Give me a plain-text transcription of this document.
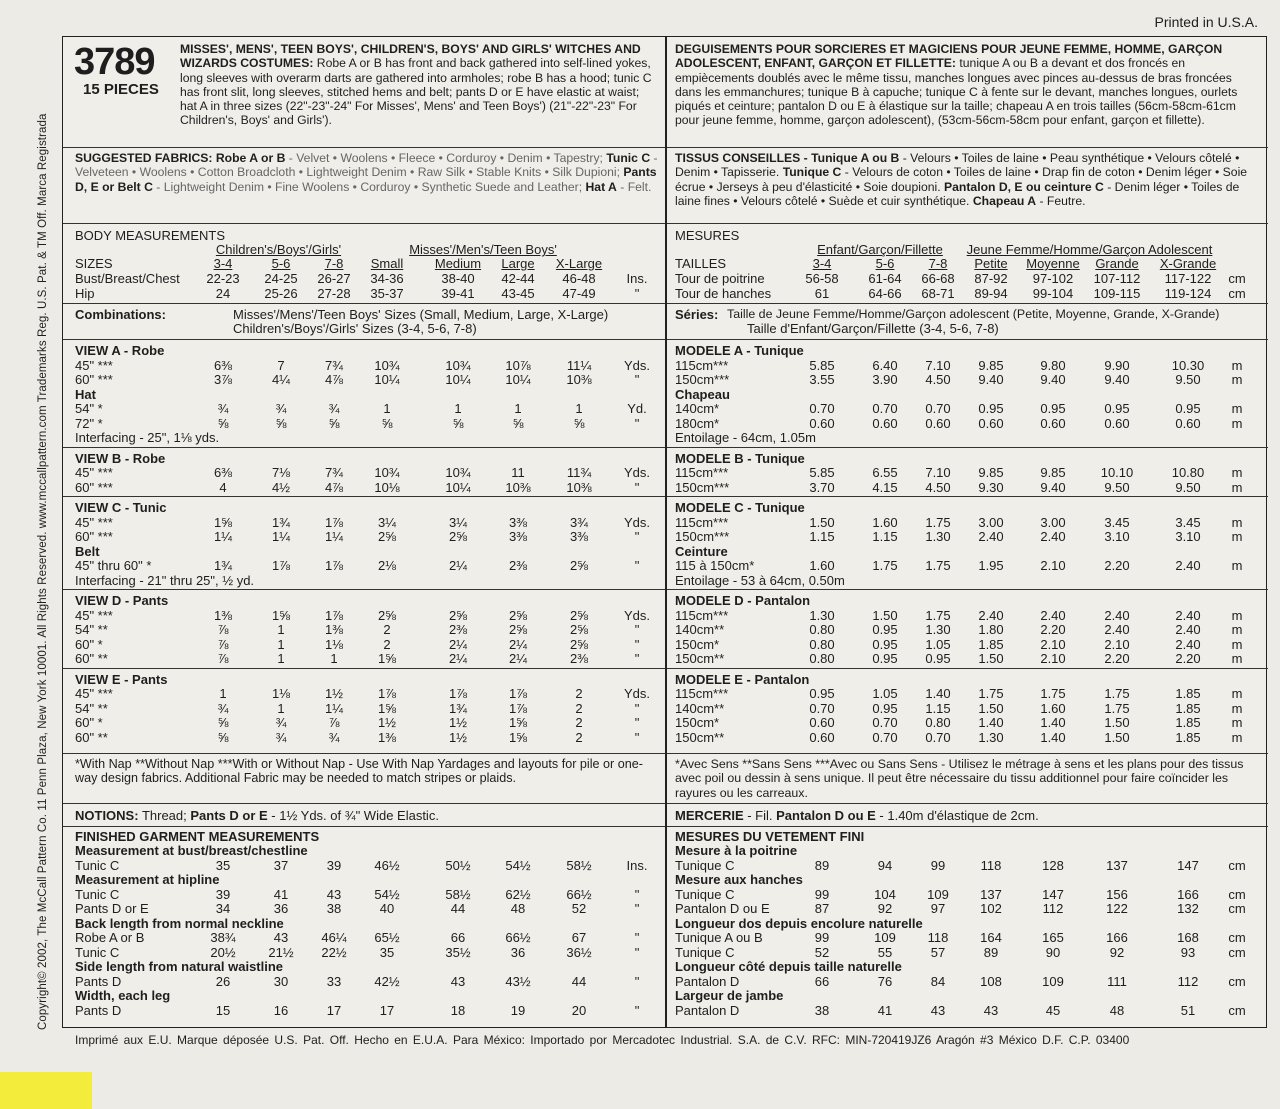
Printed in U.S.A.
Copyright© 2002, The McCall Pattern Co. 11 Penn Plaza, New York 10001. All Rights Reserved. www.mccallpattern.com Trademarks Reg. U.S. Pat. & TM Off. Marca Registrada
3789
15 PIECES
MISSES', MENS', TEEN BOYS', CHILDREN'S, BOYS' AND GIRLS' WITCHES AND WIZARDS COSTUMES: Robe A or B has front and back gathered into self-lined yokes, long sleeves with overarm darts are gathered into armholes; robe B has a hood; tunic C has front slit, long sleeves, stitched hems and belt; pants D or E have elastic at waist; hat A in three sizes (22"-23"-24" For Misses', Mens' and Teen Boys') (21"-22"-23" For Children's, Boys' and Girls').
SUGGESTED FABRICS: Robe A or B - Velvet • Woolens • Fleece • Corduroy • Denim • Tapestry; Tunic C - Velveteen • Woolens • Cotton Broadcloth • Lightweight Denim • Raw Silk • Stable Knits • Silk Dupioni; Pants D, E or Belt C - Lightweight Denim • Fine Woolens • Corduroy • Synthetic Suede and Leather; Hat A - Felt.
BODY MEASUREMENTS
Children's/Boys'/Girls'	Misses'/Men's/Teen Boys'
SIZES	3-4	5-6	7-8	Small	Medium	Large	X-Large
Bust/Breast/Chest	22-23	24-25	26-27	34-36	38-40	42-44	46-48	Ins.
Hip	24	25-26	27-28	35-37	39-41	43-45	47-49	"
Combinations:	Misses'/Mens'/Teen Boys' Sizes (Small, Medium, Large, X-Large)
Children's/Boys'/Girls' Sizes (3-4, 5-6, 7-8)
VIEW A - Robe
45" ***	6⅜	7	7¾	10¾	10¾	10⅞	11¼	Yds.
60" ***	3⅞	4¼	4⅞	10¼	10¼	10¼	10⅜	"
Hat
54" *	¾	¾	¾	1	1	1	1	Yd.
72" *	⅝	⅝	⅝	⅝	⅝	⅝	⅝	"
Interfacing - 25", 1⅛ yds.
VIEW B - Robe
45" ***	6⅜	7⅛	7¾	10¾	10¾	11	11¾	Yds.
60" ***	4	4½	4⅞	10⅛	10¼	10⅜	10⅜	"
VIEW C - Tunic
45" ***	1⅝	1¾	1⅞	3¼	3¼	3⅜	3¾	Yds.
60" ***	1¼	1¼	1¼	2⅝	2⅝	3⅜	3⅜	"
Belt
45" thru 60" *	1¾	1⅞	1⅞	2⅛	2¼	2⅜	2⅝	"
Interfacing - 21" thru 25", ½ yd.
VIEW D - Pants
45" ***	1⅜	1⅝	1⅞	2⅝	2⅝	2⅝	2⅝	Yds.
54" **	⅞	1	1⅜	2	2⅜	2⅝	2⅝	"
60" *	⅞	1	1⅛	2	2¼	2¼	2⅝	"
60" **	⅞	1	1	1⅝	2¼	2¼	2⅜	"
VIEW E - Pants
45" ***	1	1⅛	1½	1⅞	1⅞	1⅞	2	Yds.
54" **	¾	1	1¼	1⅝	1¾	1⅞	2	"
60" *	⅝	¾	⅞	1½	1½	1⅝	2	"
60" **	⅝	¾	¾	1⅜	1½	1⅝	2	"
*With Nap **Without Nap ***With or Without Nap - Use With Nap Yardages and layouts for pile or one-way design fabrics. Additional Fabric may be needed to match stripes or plaids.
NOTIONS: Thread; Pants D or E - 1½ Yds. of ¾" Wide Elastic.
FINISHED GARMENT MEASUREMENTS
Measurement at bust/breast/chestline
Tunic C	35	37	39	46½	50½	54½	58½	Ins.
Measurement at hipline
Tunic C	39	41	43	54½	58½	62½	66½	"
Pants D or E	34	36	38	40	44	48	52	"
Back length from normal neckline
Robe A or B	38¾	43	46¼	65½	66	66½	67	"
Tunic C	20½	21½	22½	35	35½	36	36½	"
Side length from natural waistline
Pants D	26	30	33	42½	43	43½	44	"
Width, each leg
Pants D	15	16	17	17	18	19	20	"
DEGUISEMENTS POUR SORCIERES ET MAGICIENS POUR JEUNE FEMME, HOMME, GARÇON ADOLESCENT, ENFANT, GARÇON ET FILLETTE: tunique A ou B a devant et dos froncés en empiècements doublés avec le même tissu, manches longues avec pinces au-dessus de bras froncées dans les emmanchures; tunique B à capuche; tunique C à fente sur le devant, manches longues, ourlets piqués et ceinture; pantalon D ou E à élastique sur la taille; chapeau A en trois tailles (56cm-58cm-61cm pour jeune femme, homme, garçon adolescent), (53cm-56cm-58cm pour enfant, garçon et fillette).
TISSUS CONSEILLES - Tunique A ou B - Velours • Toiles de laine • Peau synthétique • Velours côtelé • Denim • Tapisserie. Tunique C - Velours de coton • Toiles de laine • Drap fin de coton • Denim léger • Soie écrue • Jerseys à peu d'élasticité • Soie doupioni. Pantalon D, E ou ceinture C - Denim léger • Toiles de laine fines • Velours côtelé • Suède et cuir synthétique. Chapeau A - Feutre.
MESURES
Enfant/Garçon/Fillette	Jeune Femme/Homme/Garçon Adolescent
TAILLES	3-4	5-6	7-8	Petite	Moyenne	Grande	X-Grande
Tour de poitrine	56-58	61-64	66-68	87-92	97-102	107-112	117-122	cm
Tour de hanches	61	64-66	68-71	89-94	99-104	109-115	119-124	cm
Séries: Taille de Jeune Femme/Homme/Garçon adolescent (Petite, Moyenne, Grande, X-Grande)
Taille d'Enfant/Garçon/Fillette (3-4, 5-6, 7-8)
MODELE A - Tunique
115cm***	5.85	6.40	7.10	9.85	9.80	9.90	10.30	m
150cm***	3.55	3.90	4.50	9.40	9.40	9.40	9.50	m
Chapeau
140cm*	0.70	0.70	0.70	0.95	0.95	0.95	0.95	m
180cm*	0.60	0.60	0.60	0.60	0.60	0.60	0.60	m
Entoilage - 64cm, 1.05m
MODELE B - Tunique
115cm***	5.85	6.55	7.10	9.85	9.85	10.10	10.80	m
150cm***	3.70	4.15	4.50	9.30	9.40	9.50	9.50	m
MODELE C - Tunique
115cm***	1.50	1.60	1.75	3.00	3.00	3.45	3.45	m
150cm***	1.15	1.15	1.30	2.40	2.40	3.10	3.10	m
Ceinture
115 à 150cm*	1.60	1.75	1.75	1.95	2.10	2.20	2.40	m
Entoilage - 53 à 64cm, 0.50m
MODELE D - Pantalon
115cm***	1.30	1.50	1.75	2.40	2.40	2.40	2.40	m
140cm**	0.80	0.95	1.30	1.80	2.20	2.40	2.40	m
150cm*	0.80	0.95	1.05	1.85	2.10	2.10	2.40	m
150cm**	0.80	0.95	0.95	1.50	2.10	2.20	2.20	m
MODELE E - Pantalon
115cm***	0.95	1.05	1.40	1.75	1.75	1.75	1.85	m
140cm**	0.70	0.95	1.15	1.50	1.60	1.75	1.85	m
150cm*	0.60	0.70	0.80	1.40	1.40	1.50	1.85	m
150cm**	0.60	0.70	0.70	1.30	1.40	1.50	1.85	m
*Avec Sens **Sans Sens ***Avec ou Sans Sens - Utilisez le métrage à sens et les plans pour des tissus avec poil ou dessin à sens unique. Il peut être nécessaire du tissu additionnel pour faire coïncider les rayures ou les carreaux.
MERCERIE - Fil. Pantalon D ou E - 1.40m d'élastique de 2cm.
MESURES DU VETEMENT FINI
Mesure à la poitrine
Tunique C	89	94	99	118	128	137	147	cm
Mesure aux hanches
Tunique C	99	104	109	137	147	156	166	cm
Pantalon D ou E	87	92	97	102	112	122	132	cm
Longueur dos depuis encolure naturelle
Tunique A ou B	99	109	118	164	165	166	168	cm
Tunique C	52	55	57	89	90	92	93	cm
Longueur côté depuis taille naturelle
Pantalon D	66	76	84	108	109	111	112	cm
Largeur de jambe
Pantalon D	38	41	43	43	45	48	51	cm
Imprimé aux E.U. Marque déposée U.S. Pat. Off. Hecho en E.U.A. Para México: Importado por Mercadotec Industrial. S.A. de C.V. RFC: MIN-720419JZ6 Aragón #3 México D.F. C.P. 03400
